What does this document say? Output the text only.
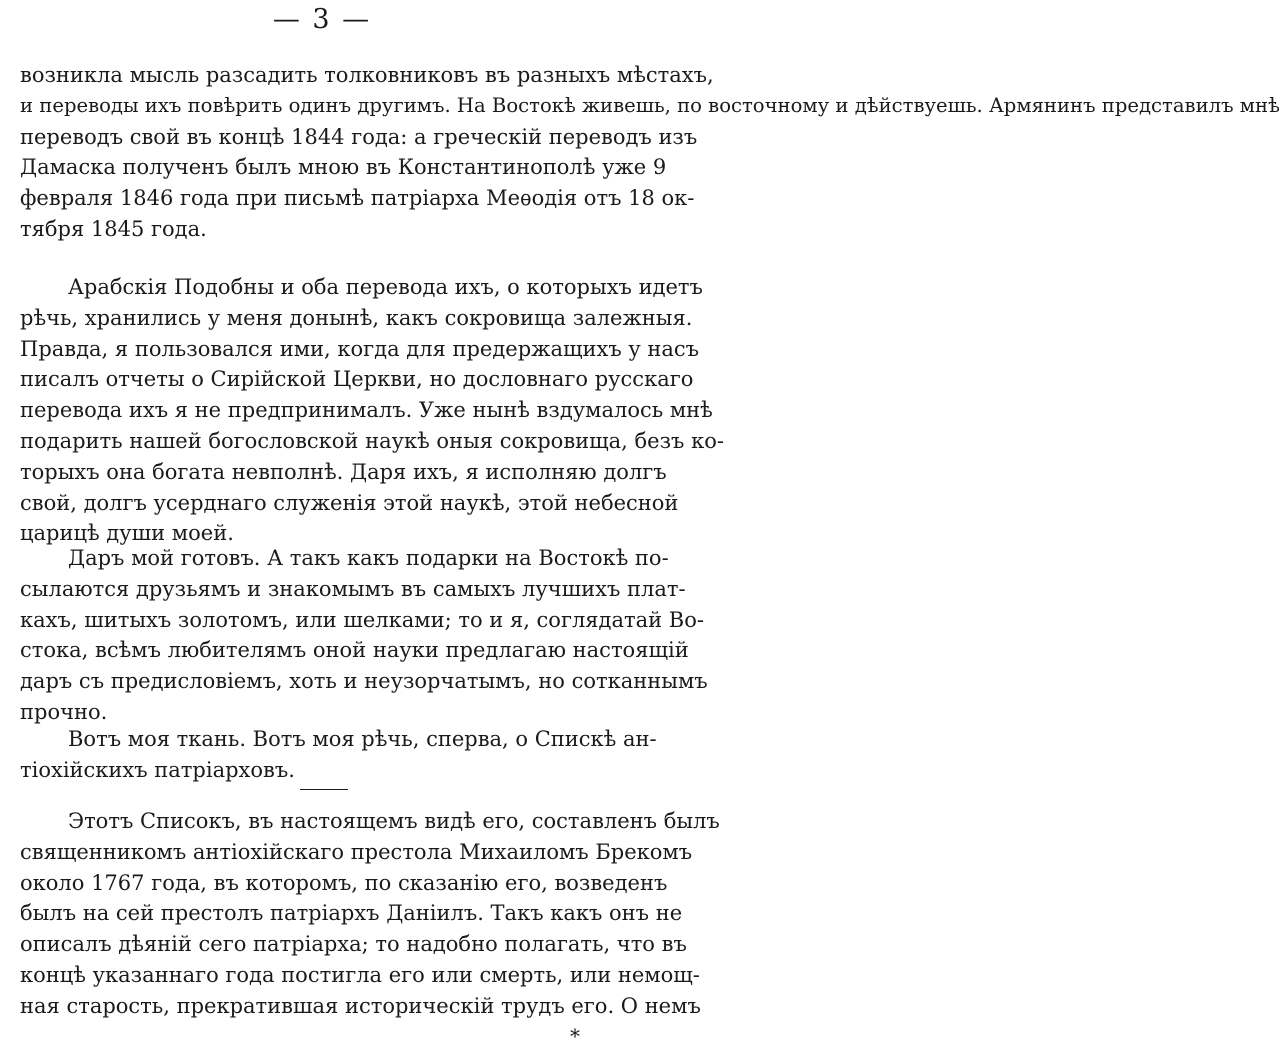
— 3 —
возникла мысль разсадить толковниковъ въ разныхъ мѣстахъ,
и переводы ихъ повѣрить одинъ другимъ. На Востокѣ живешь, по восточному и дѣйствуешь. Армянинъ представилъ мнѣ
переводъ свой въ концѣ 1844 года: а греческій переводъ изъ
Дамаска полученъ былъ мною въ Константинополѣ уже 9
февраля 1846 года при письмѣ патріарха Меѳодія отъ 18 ок-
тября 1845 года.
Арабскія Подобны и оба перевода ихъ, о которыхъ идетъ
рѣчь, хранились у меня донынѣ, какъ сокровища залежныя.
Правда, я пользовался ими, когда для предержащихъ у насъ
писалъ отчеты о Сирійской Церкви, но дословнаго русскаго
перевода ихъ я не предпринималъ. Уже нынѣ вздумалось мнѣ
подарить нашей богословской наукѣ оныя сокровища, безъ ко-
торыхъ она богата невполнѣ. Даря ихъ, я исполняю долгъ
свой, долгъ усерднаго служенія этой наукѣ, этой небесной
царицѣ души моей.
Даръ мой готовъ. А такъ какъ подарки на Востокѣ по-
сылаются друзьямъ и знакомымъ въ самыхъ лучшихъ плат-
кахъ, шитыхъ золотомъ, или шелками; то и я, соглядатай Во-
стока, всѣмъ любителямъ оной науки предлагаю настоящій
даръ съ предисловіемъ, хоть и неузорчатымъ, но сотканнымъ
прочно.
Вотъ моя ткань. Вотъ моя рѣчь, сперва, о Спискѣ ан-
тіохійскихъ патріарховъ.
Этотъ Списокъ, въ настоящемъ видѣ его, составленъ былъ
священникомъ антіохійскаго престола Михаиломъ Брекомъ
около 1767 года, въ которомъ, по сказанію его, возведенъ
былъ на сей престолъ патріархъ Даніилъ. Такъ какъ онъ не
описалъ дѣяній сего патріарха; то надобно полагать, что въ
концѣ указаннаго года постигла его или смерть, или немощ-
ная старость, прекратившая историческій трудъ его. О немъ
*
